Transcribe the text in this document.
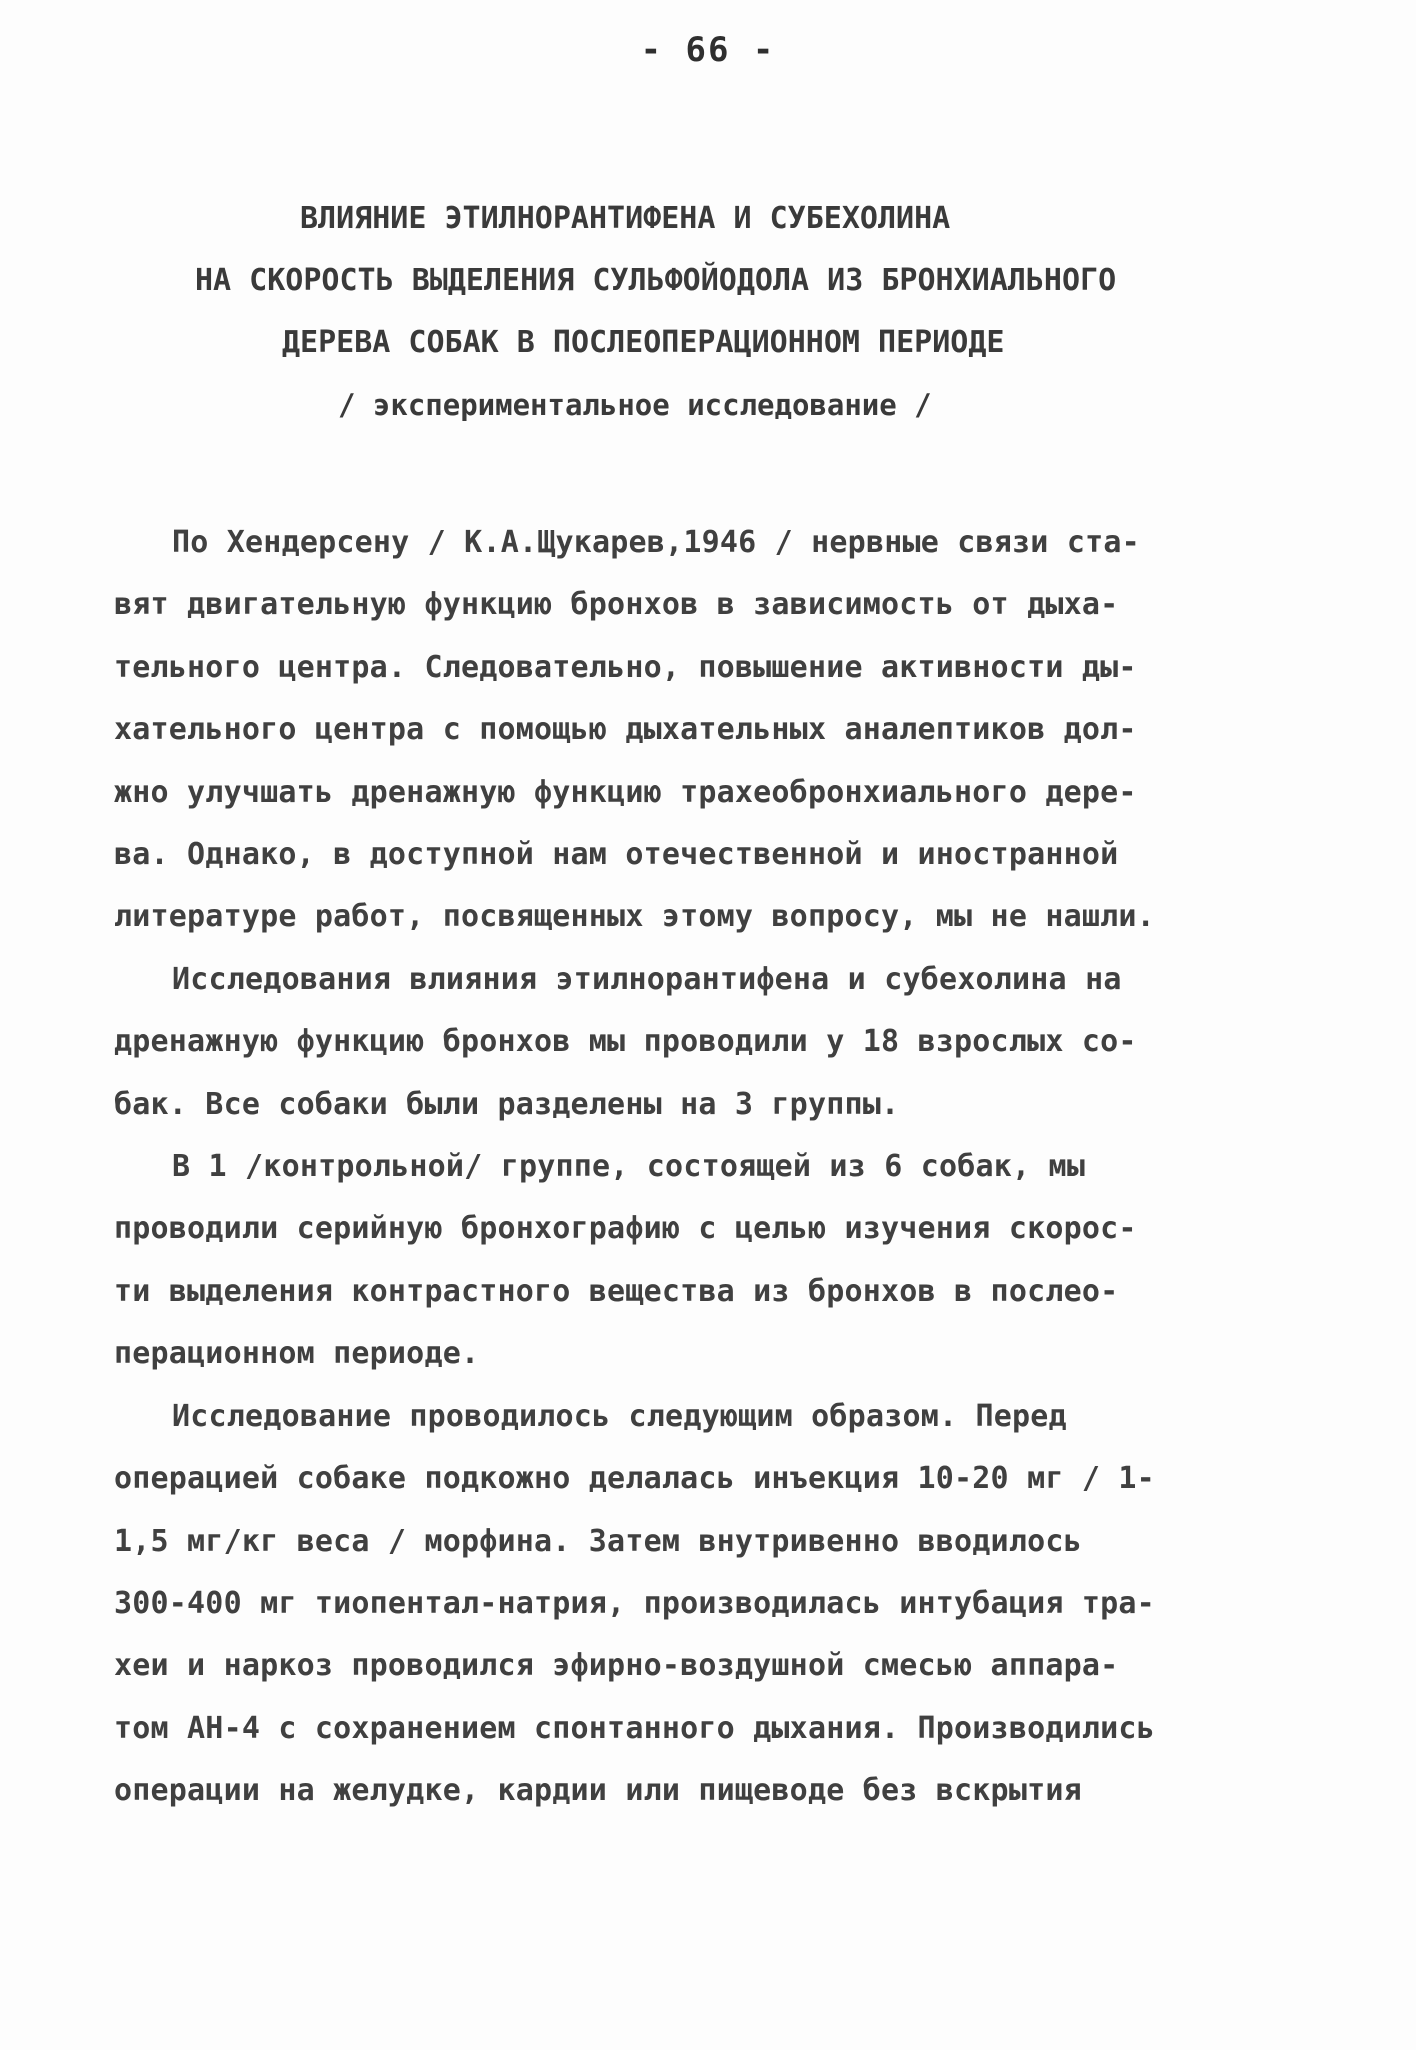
- 66 -
ВЛИЯНИЕ ЭТИЛНОРАНТИФЕНА И СУБЕХОЛИНА
НА СКОРОСТЬ ВЫДЕЛЕНИЯ СУЛЬФОЙОДОЛА ИЗ БРОНХИАЛЬНОГО
ДЕРЕВА СОБАК В ПОСЛЕОПЕРАЦИОННОМ ПЕРИОДЕ
/ экспериментальное исследование /
По Хендерсену / К.А.Щукарев,1946 / нервные связи ста-
вят двигательную функцию бронхов в зависимость от дыха-
тельного центра. Следовательно, повышение активности ды-
хательного центра с помощью дыхательных аналептиков дол-
жно улучшать дренажную функцию трахеобронхиального дере-
ва. Однако, в доступной нам отечественной и иностранной
литературе работ, посвященных этому вопросу, мы не нашли.
Исследования влияния этилнорантифена и субехолина на
дренажную функцию бронхов мы проводили у 18 взрослых со-
бак. Все собаки были разделены на 3 группы.
В 1 /контрольной/ группе, состоящей из 6 собак, мы
проводили серийную бронхографию с целью изучения скорос-
ти выделения контрастного вещества из бронхов в послео-
перационном периоде.
Исследование проводилось следующим образом. Перед
операцией собаке подкожно делалась инъекция 10-20 мг / 1-
1,5 мг/кг веса / морфина. Затем внутривенно вводилось
300-400 мг тиопентал-натрия, производилась интубация тра-
хеи и наркоз проводился эфирно-воздушной смесью аппара-
том АН-4 с сохранением спонтанного дыхания. Производились
операции на желудке, кардии или пищеводе без вскрытия
